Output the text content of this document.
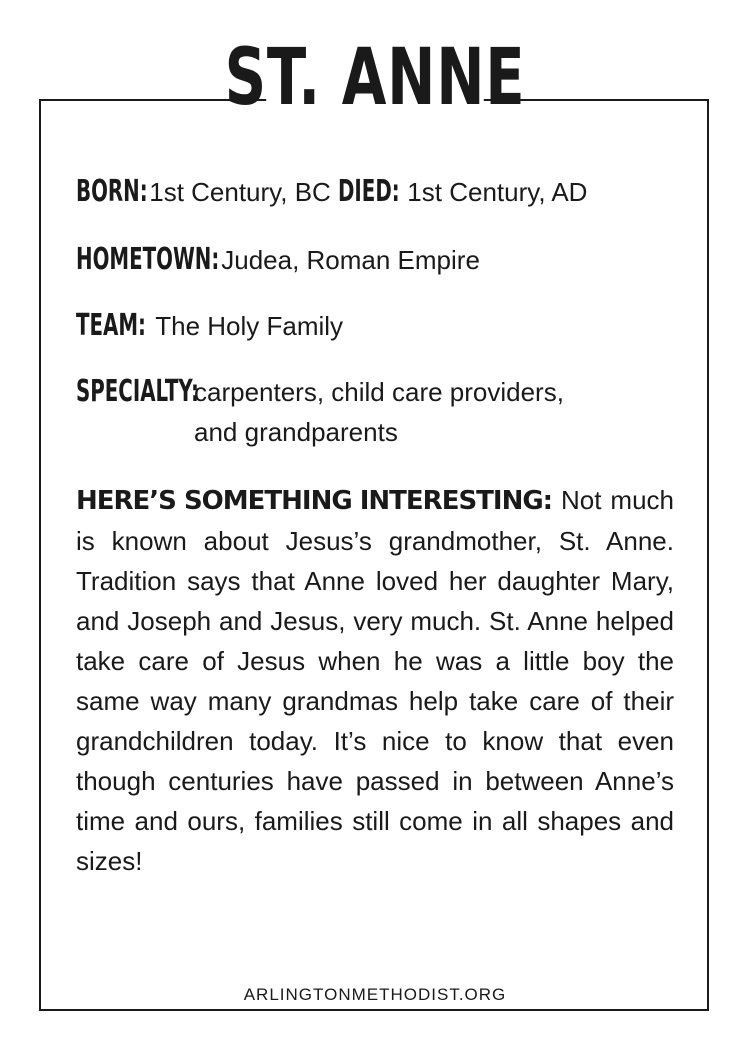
ST. ANNE
BORN: 1st Century, BC DIED: 1st Century, AD
HOMETOWN: Judea, Roman Empire
TEAM: The Holy Family
SPECIALTY:
carpenters, child care providers,
and grandparents
HERE’S SOMETHING INTERESTING: Not much is known about Jesus’s grandmother, St. Anne. Tradition says that Anne loved her daughter Mary, and Joseph and Jesus, very much. St. Anne helped take care of Jesus when he was a little boy the same way many grandmas help take care of their grandchildren today. It’s nice to know that even though centuries have passed in between Anne’s time and ours, families still come in all shapes and sizes!
ARLINGTONMETHODIST.ORG
